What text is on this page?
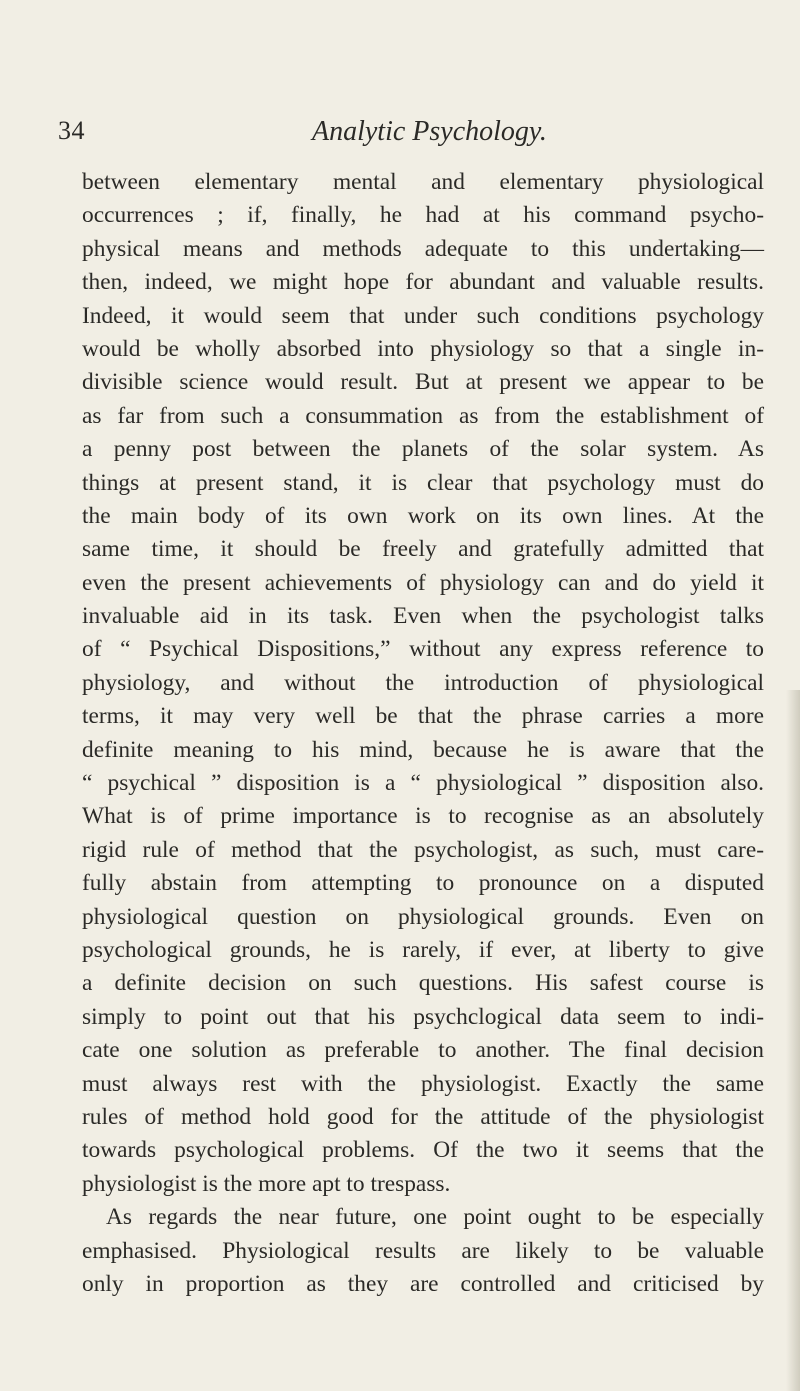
34	Analytic Psychology.
between elementary mental and elementary physiological
occurrences ; if, finally, he had at his command psycho-
physical means and methods adequate to this undertaking—
then, indeed, we might hope for abundant and valuable results.
Indeed, it would seem that under such conditions psychology
would be wholly absorbed into physiology so that a single in-
divisible science would result. But at present we appear to be
as far from such a consummation as from the establishment of
a penny post between the planets of the solar system. As
things at present stand, it is clear that psychology must do
the main body of its own work on its own lines. At the
same time, it should be freely and gratefully admitted that
even the present achievements of physiology can and do yield it
invaluable aid in its task. Even when the psychologist talks
of “ Psychical Dispositions,” without any express reference to
physiology, and without the introduction of physiological
terms, it may very well be that the phrase carries a more
definite meaning to his mind, because he is aware that the
“ psychical ” disposition is a “ physiological ” disposition also.
What is of prime importance is to recognise as an absolutely
rigid rule of method that the psychologist, as such, must care-
fully abstain from attempting to pronounce on a disputed
physiological question on physiological grounds. Even on
psychological grounds, he is rarely, if ever, at liberty to give
a definite decision on such questions. His safest course is
simply to point out that his psychclogical data seem to indi-
cate one solution as preferable to another. The final decision
must always rest with the physiologist. Exactly the same
rules of method hold good for the attitude of the physiologist
towards psychological problems. Of the two it seems that the
physiologist is the more apt to trespass.
As regards the near future, one point ought to be especially
emphasised. Physiological results are likely to be valuable
only in proportion as they are controlled and criticised by
